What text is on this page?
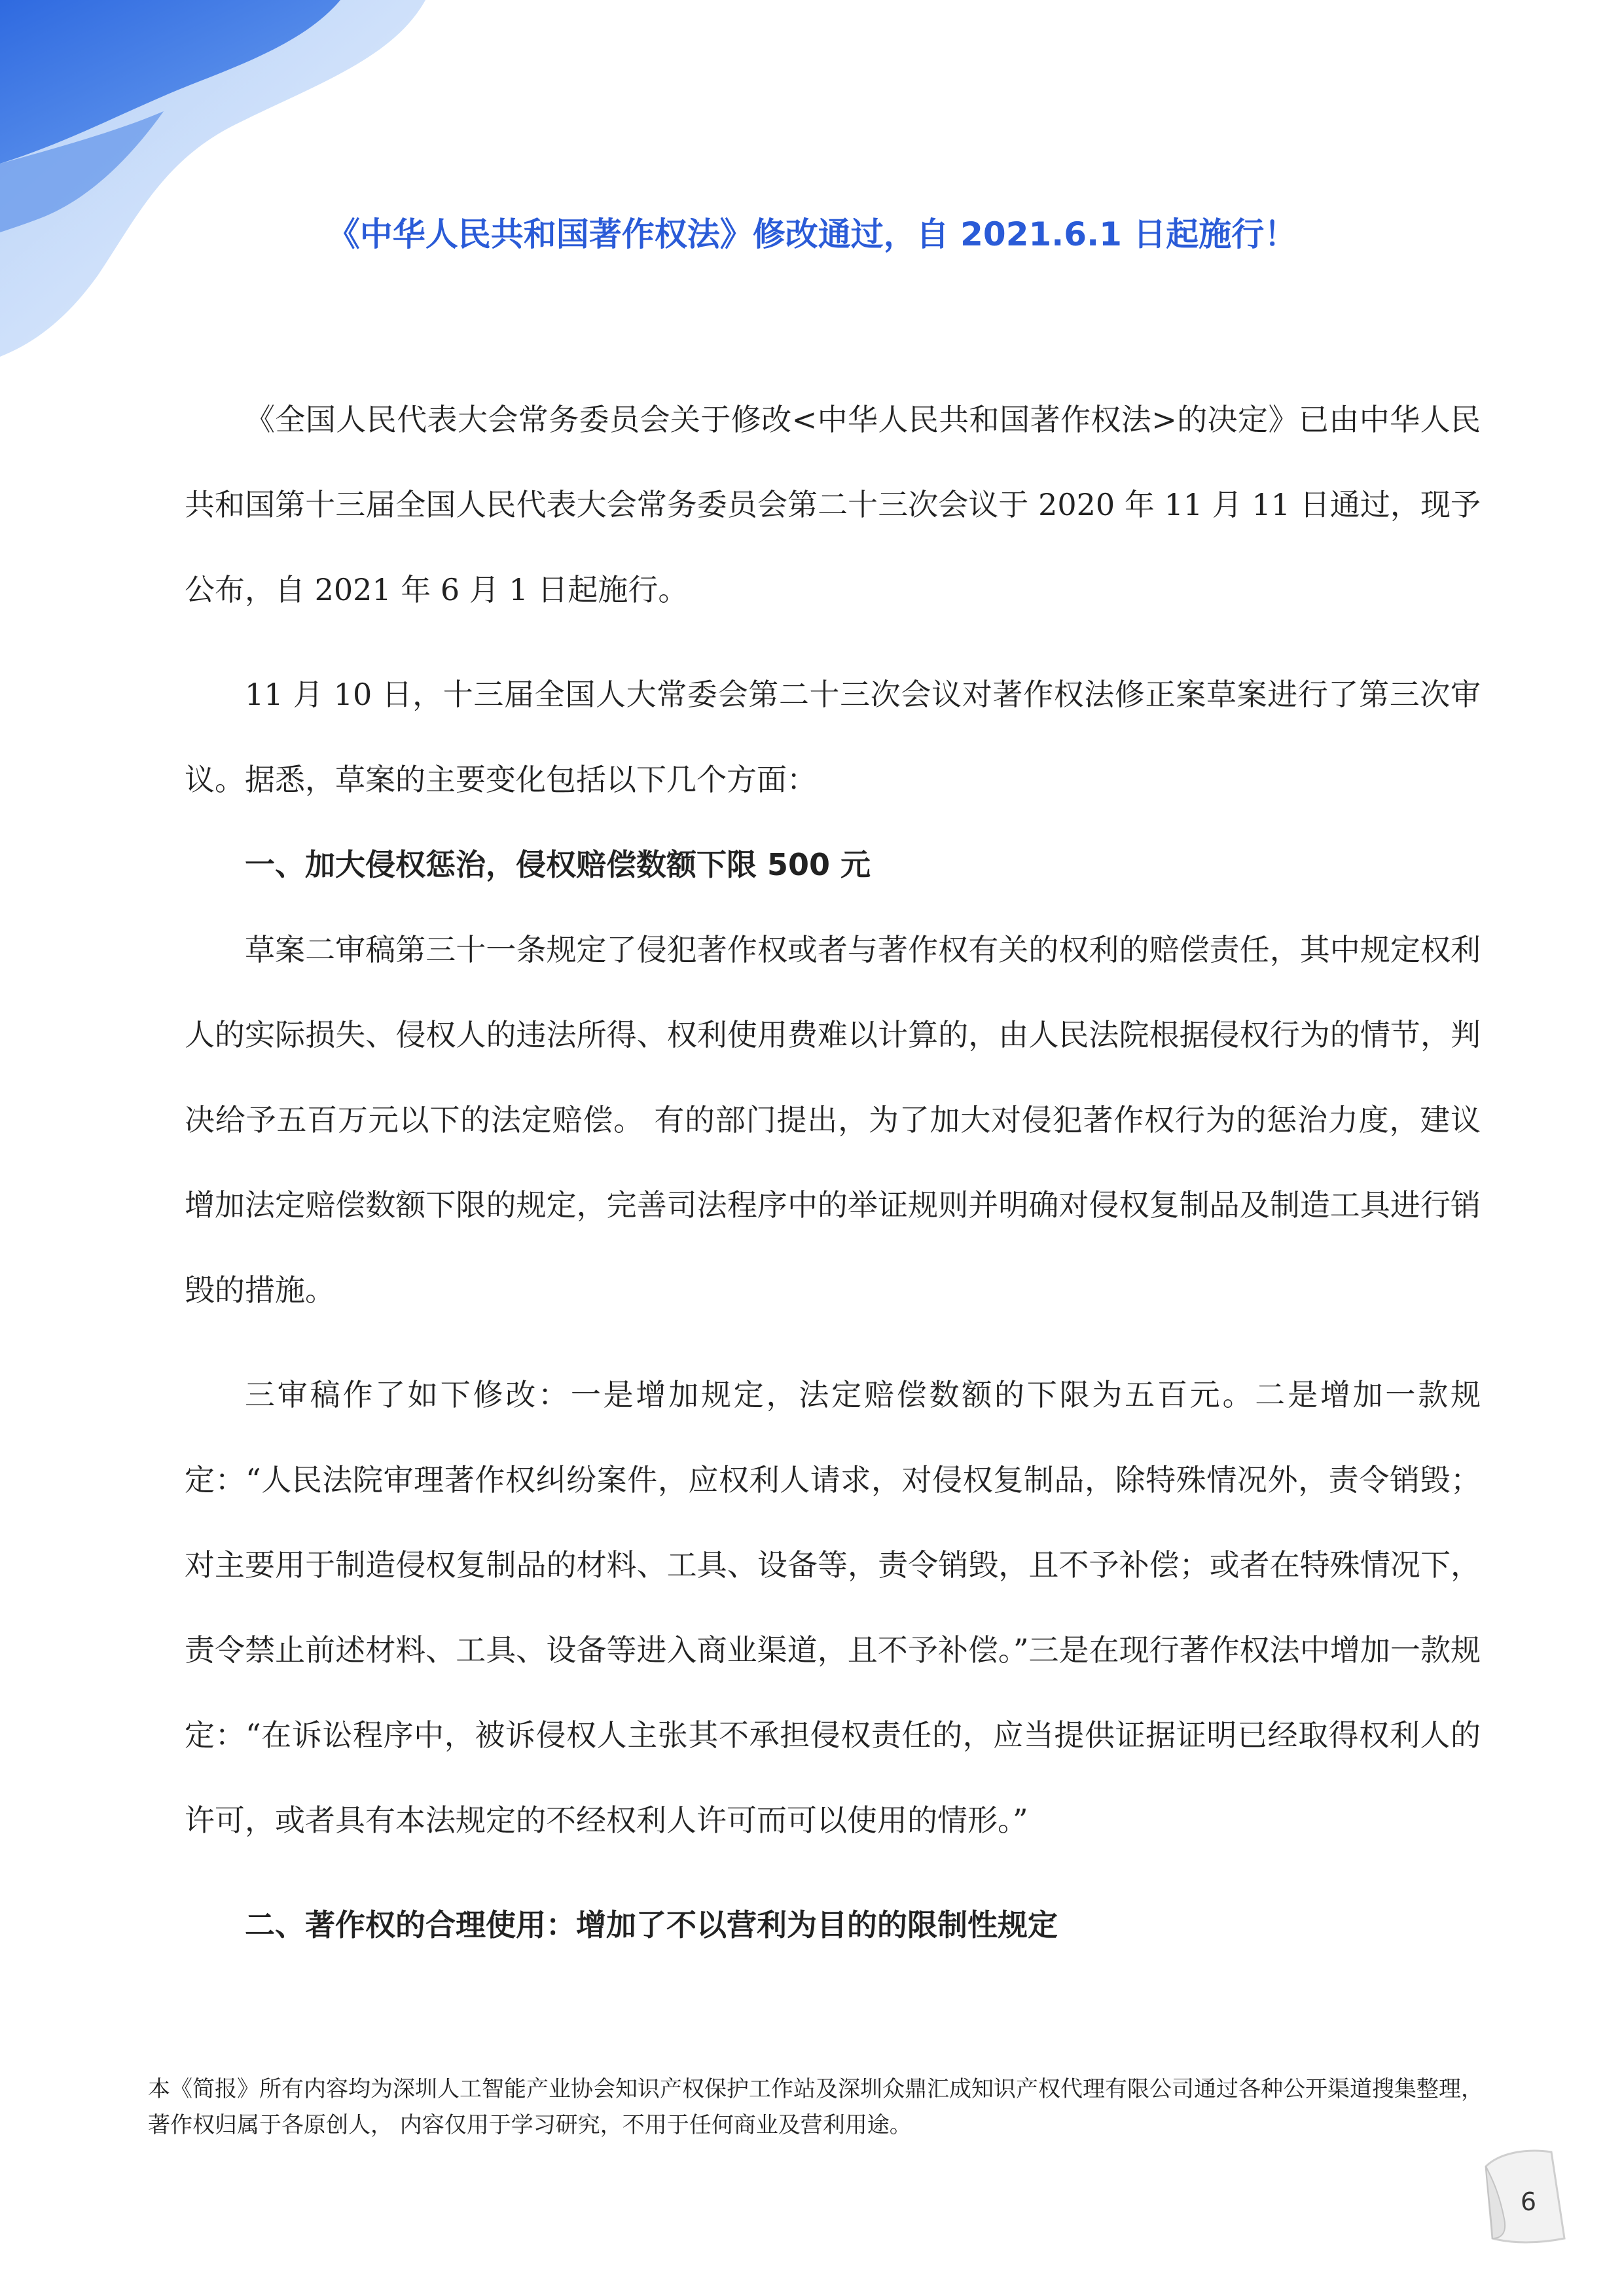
《中华人民共和国著作权法》修改通过，自 2021.6.1 日起施行！

《全国人民代表大会常务委员会关于修改<中华人民共和国著作权法>的决定》已由中华人民共和国第十三届全国人民代表大会常务委员会第二十三次会议于 2020 年 11 月 11 日通过，现予公布，自 2021 年 6 月 1 日起施行。

11 月 10 日，十三届全国人大常委会第二十三次会议对著作权法修正案草案进行了第三次审议。据悉，草案的主要变化包括以下几个方面：

一、加大侵权惩治，侵权赔偿数额下限 500 元

草案二审稿第三十一条规定了侵犯著作权或者与著作权有关的权利的赔偿责任，其中规定权利人的实际损失、侵权人的违法所得、权利使用费难以计算的，由人民法院根据侵权行为的情节，判决给予五百万元以下的法定赔偿。 有的部门提出，为了加大对侵犯著作权行为的惩治力度，建议增加法定赔偿数额下限的规定，完善司法程序中的举证规则并明确对侵权复制品及制造工具进行销毁的措施。

三审稿作了如下修改：一是增加规定，法定赔偿数额的下限为五百元。二是增加一款规定：“人民法院审理著作权纠纷案件，应权利人请求，对侵权复制品，除特殊情况外，责令销毁；对主要用于制造侵权复制品的材料、工具、设备等，责令销毁，且不予补偿；或者在特殊情况下，责令禁止前述材料、工具、设备等进入商业渠道，且不予补偿。”三是在现行著作权法中增加一款规定：“在诉讼程序中，被诉侵权人主张其不承担侵权责任的，应当提供证据证明已经取得权利人的许可，或者具有本法规定的不经权利人许可而可以使用的情形。”

二、著作权的合理使用：增加了不以营利为目的的限制性规定

本《简报》所有内容均为深圳人工智能产业协会知识产权保护工作站及深圳众鼎汇成知识产权代理有限公司通过各种公开渠道搜集整理，著作权归属于各原创人， 内容仅用于学习研究，不用于任何商业及营利用途。
6
